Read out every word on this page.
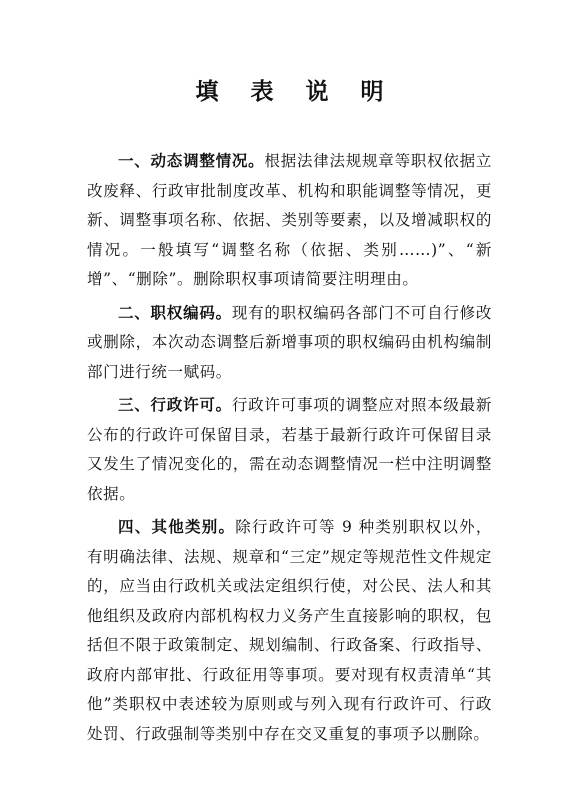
填 表 说 明

一、动态调整情况。根据法律法规规章等职权依据立改废释、行政审批制度改革、机构和职能调整等情况，更新、调整事项名称、依据、类别等要素，以及增减职权的情况。一般填写“调整名称（依据、类别……)”、“新增”、“删除”。删除职权事项请简要注明理由。

二、职权编码。现有的职权编码各部门不可自行修改或删除，本次动态调整后新增事项的职权编码由机构编制部门进行统一赋码。

三、行政许可。行政许可事项的调整应对照本级最新公布的行政许可保留目录，若基于最新行政许可保留目录又发生了情况变化的，需在动态调整情况一栏中注明调整依据。

四、其他类别。除行政许可等 9 种类别职权以外，有明确法律、法规、规章和“三定”规定等规范性文件规定的，应当由行政机关或法定组织行使，对公民、法人和其他组织及政府内部机构权力义务产生直接影响的职权，包括但不限于政策制定、规划编制、行政备案、行政指导、政府内部审批、行政征用等事项。要对现有权责清单“其他”类职权中表述较为原则或与列入现有行政许可、行政处罚、行政强制等类别中存在交叉重复的事项予以删除。
